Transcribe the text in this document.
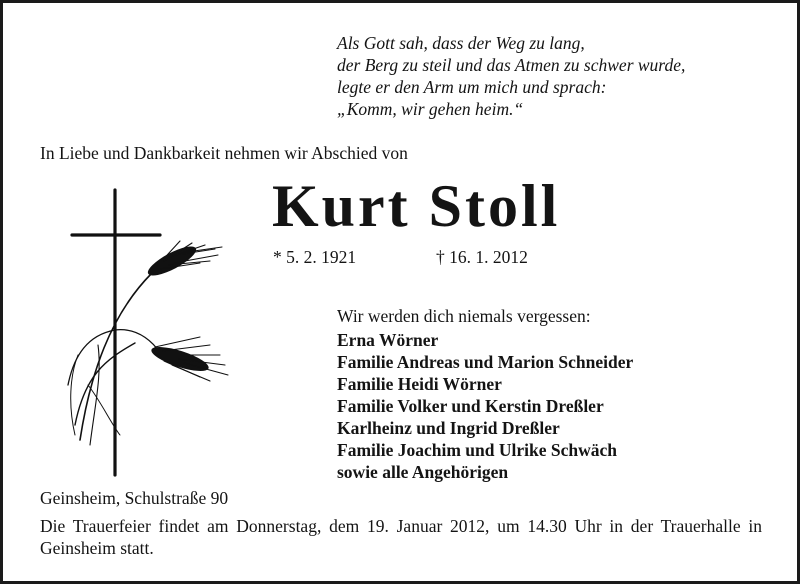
Als Gott sah, dass der Weg zu lang,
der Berg zu steil und das Atmen zu schwer wurde,
legte er den Arm um mich und sprach:
„Komm, wir gehen heim.“
In Liebe und Dankbarkeit nehmen wir Abschied von
Kurt Stoll
* 5. 2. 1921	† 16. 1. 2012
Wir werden dich niemals vergessen:
Erna Wörner
Familie Andreas und Marion Schneider
Familie Heidi Wörner
Familie Volker und Kerstin Dreßler
Karlheinz und Ingrid Dreßler
Familie Joachim und Ulrike Schwäch
sowie alle Angehörigen
Geinsheim, Schulstraße 90
Die Trauerfeier findet am Donnerstag, dem 19. Januar 2012, um 14.30 Uhr in der Trauerhalle in Geinsheim statt.
